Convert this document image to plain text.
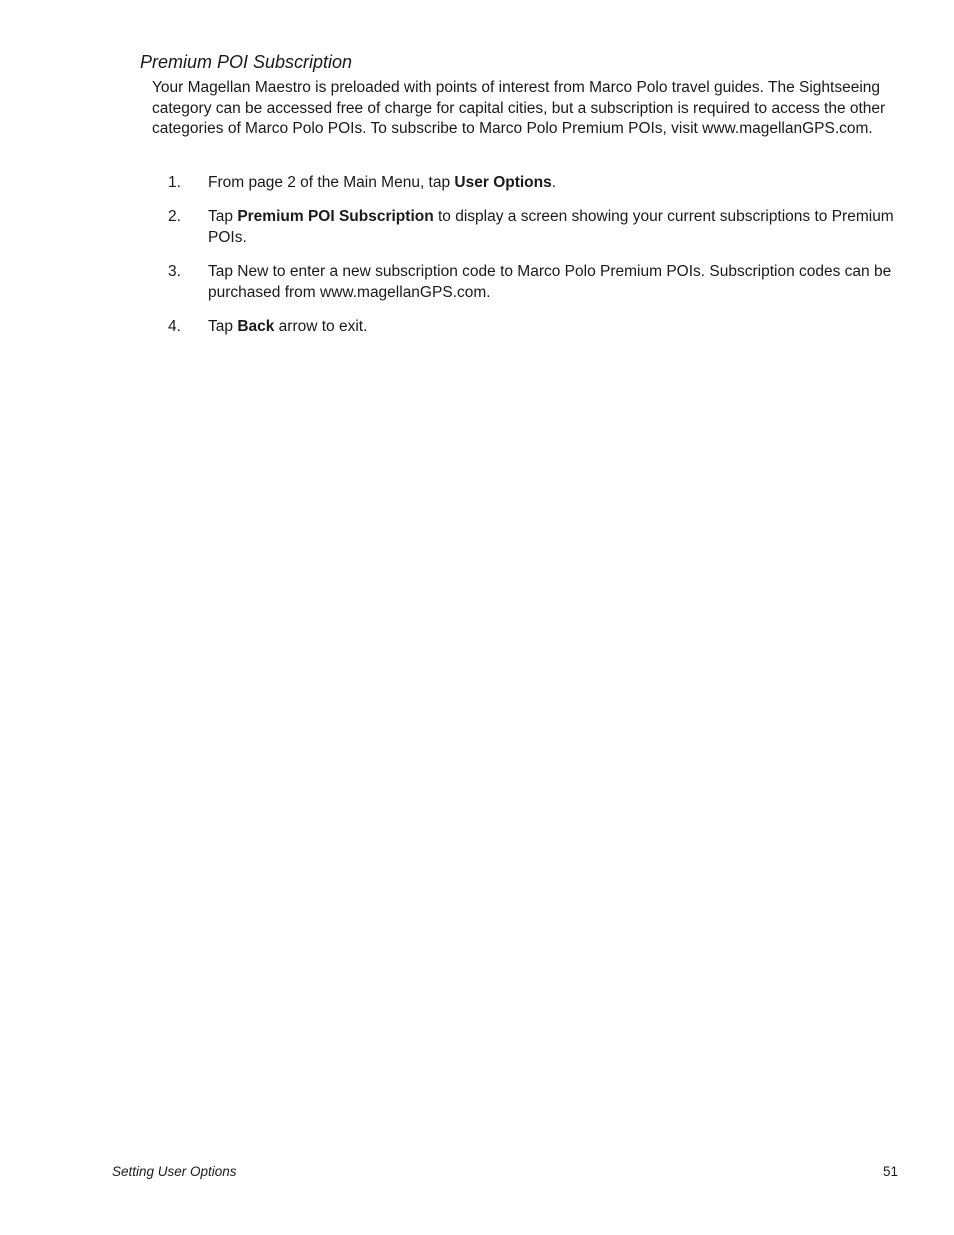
Premium POI Subscription

Your Magellan Maestro is preloaded with points of interest from Marco Polo travel guides. The Sightseeing category can be accessed free of charge for capital cities, but a subscription is required to access the other categories of Marco Polo POIs. To subscribe to Marco Polo Premium POIs, visit www.magellanGPS.com.

1. From page 2 of the Main Menu, tap User Options.
2. Tap Premium POI Subscription to display a screen showing your current subscriptions to Premium POIs.
3. Tap New to enter a new subscription code to Marco Polo Premium POIs. Subscription codes can be purchased from www.magellanGPS.com.
4. Tap Back arrow to exit.
Setting User Options	51
